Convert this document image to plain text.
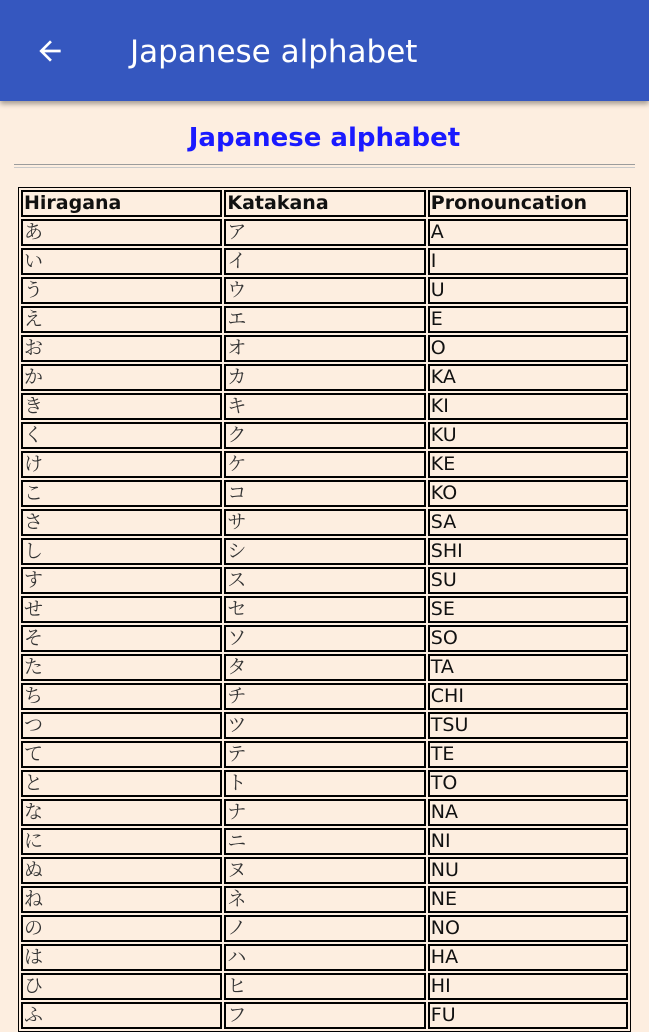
Japanese alphabet
Japanese alphabet
Hiragana	Katakana	Pronouncation
あ	ア	A
い	イ	I
う	ウ	U
え	エ	E
お	オ	O
か	カ	KA
き	キ	KI
く	ク	KU
け	ケ	KE
こ	コ	KO
さ	サ	SA
し	シ	SHI
す	ス	SU
せ	セ	SE
そ	ソ	SO
た	タ	TA
ち	チ	CHI
つ	ツ	TSU
て	テ	TE
と	ト	TO
な	ナ	NA
に	ニ	NI
ぬ	ヌ	NU
ね	ネ	NE
の	ノ	NO
は	ハ	HA
ひ	ヒ	HI
ふ	フ	FU
